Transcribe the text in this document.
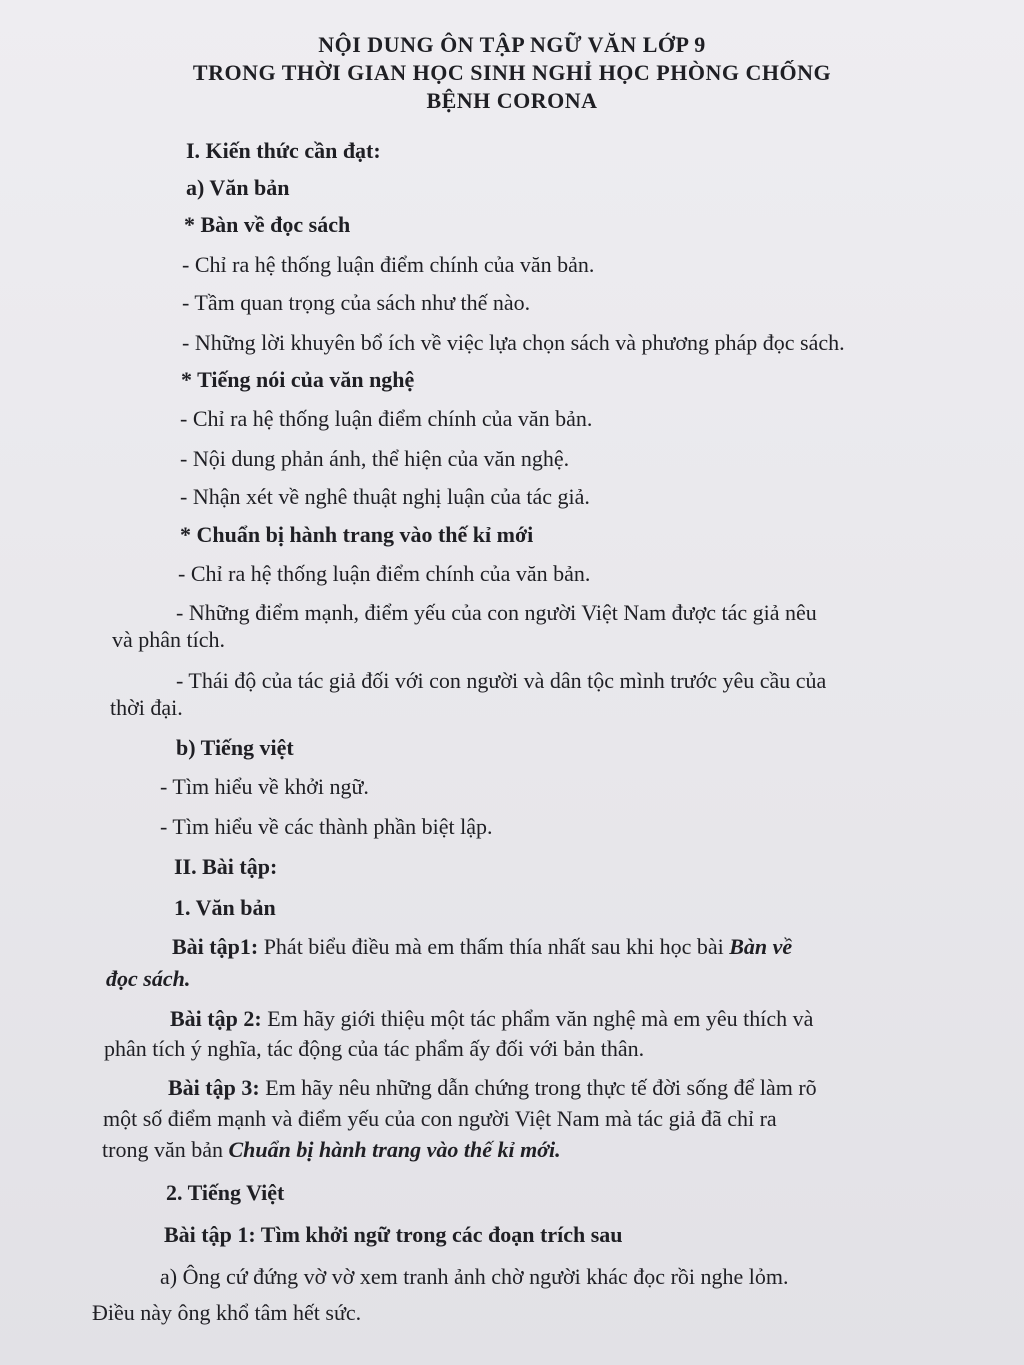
NỘI DUNG ÔN TẬP NGỮ VĂN LỚP 9
TRONG THỜI GIAN HỌC SINH NGHỈ HỌC PHÒNG CHỐNG
BỆNH CORONA
I. Kiến thức cần đạt:
a) Văn bản
* Bàn về đọc sách
- Chỉ ra hệ thống luận điểm chính của văn bản.
- Tầm quan trọng của sách như thế nào.
- Những lời khuyên bổ ích về việc lựa chọn sách và phương pháp đọc sách.
* Tiếng nói của văn nghệ
- Chỉ ra hệ thống luận điểm chính của văn bản.
- Nội dung phản ánh, thể hiện của văn nghệ.
- Nhận xét về nghê thuật nghị luận của tác giả.
* Chuẩn bị hành trang vào thế kỉ mới
- Chỉ ra hệ thống luận điểm chính của văn bản.
- Những điểm mạnh, điểm yếu của con người Việt Nam được tác giả nêu
và phân tích.
- Thái độ của tác giả đối với con người và dân tộc mình trước yêu cầu của
thời đại.
b) Tiếng việt
- Tìm hiểu về khởi ngữ.
- Tìm hiểu về các thành phần biệt lập.
II. Bài tập:
1. Văn bản
Bài tập1: Phát biểu điều mà em thấm thía nhất sau khi học bài Bàn về
đọc sách.
Bài tập 2: Em hãy giới thiệu một tác phẩm văn nghệ mà em yêu thích và
phân tích ý nghĩa, tác động của tác phẩm ấy đối với bản thân.
Bài tập 3: Em hãy nêu những dẫn chứng trong thực tế đời sống để làm rõ
một số điểm mạnh và điểm yếu của con người Việt Nam mà tác giả đã chỉ ra
trong văn bản Chuẩn bị hành trang vào thế kỉ mới.
2. Tiếng Việt
Bài tập 1: Tìm khởi ngữ trong các đoạn trích sau
a) Ông cứ đứng vờ vờ xem tranh ảnh chờ người khác đọc rồi nghe lỏm.
Điều này ông khổ tâm hết sức.
